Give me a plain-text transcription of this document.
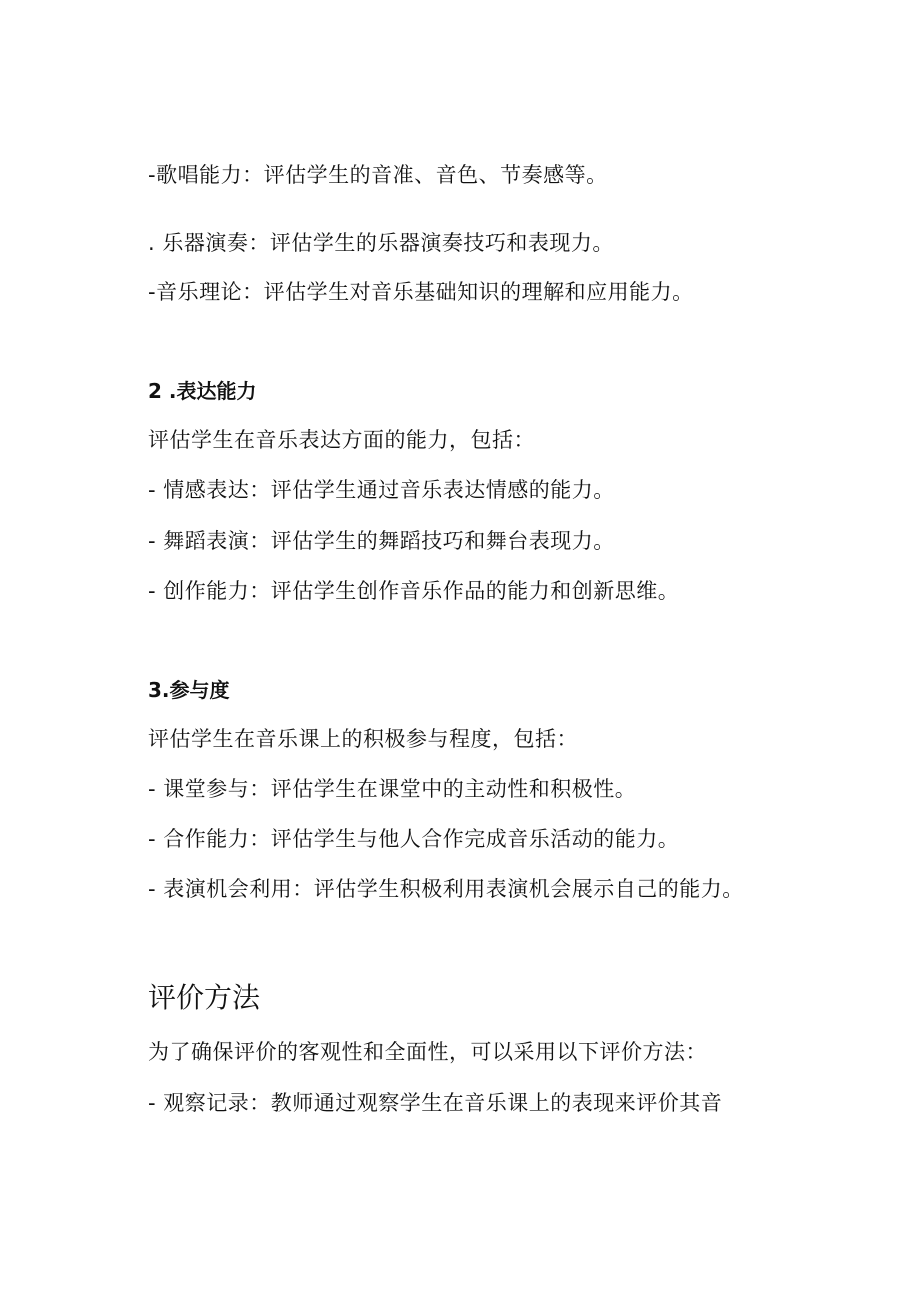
-歌唱能力：评估学生的音准、音色、节奏感等。
. 乐器演奏：评估学生的乐器演奏技巧和表现力。
-音乐理论：评估学生对音乐基础知识的理解和应用能力。
2 .表达能力
评估学生在音乐表达方面的能力，包括：
- 情感表达：评估学生通过音乐表达情感的能力。
- 舞蹈表演：评估学生的舞蹈技巧和舞台表现力。
- 创作能力：评估学生创作音乐作品的能力和创新思维。
3.参与度
评估学生在音乐课上的积极参与程度，包括：
- 课堂参与：评估学生在课堂中的主动性和积极性。
- 合作能力：评估学生与他人合作完成音乐活动的能力。
- 表演机会利用：评估学生积极利用表演机会展示自己的能力。
评价方法
为了确保评价的客观性和全面性，可以采用以下评价方法：
- 观察记录：教师通过观察学生在音乐课上的表现来评价其音
